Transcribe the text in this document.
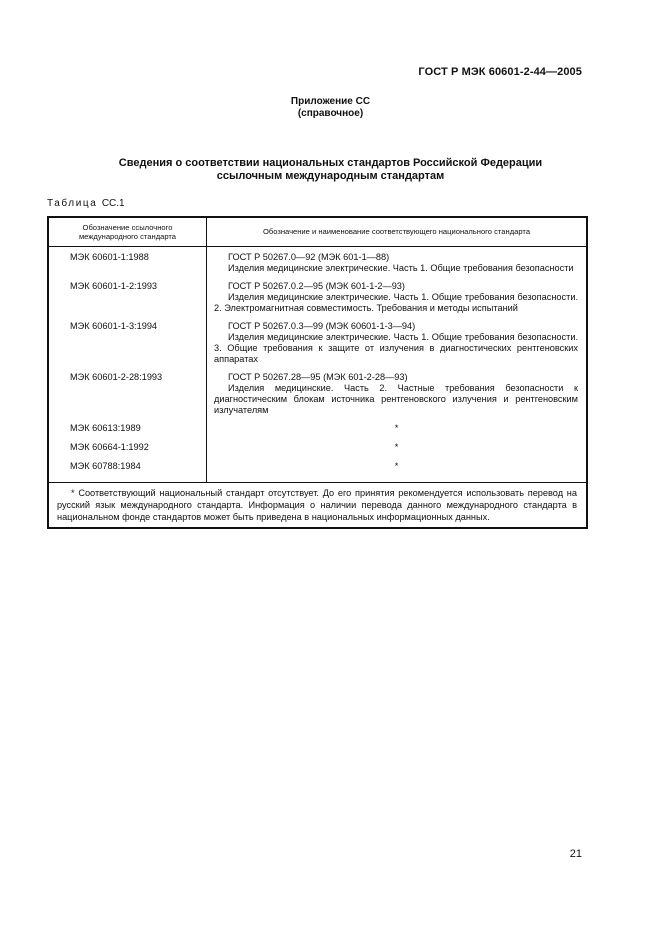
ГОСТ Р МЭК 60601-2-44—2005
Приложение СС
(справочное)
Сведения о соответствии национальных стандартов Российской Федерации
ссылочным международным стандартам
Таблица СС.1
Обозначение ссылочного международного стандарта	Обозначение и наименование соответствующего национального стандарта
МЭК 60601-1:1988	ГОСТ Р 50267.0—92 (МЭК 601-1—88)
Изделия медицинские электрические. Часть 1. Общие требования безопасности

МЭК 60601-1-2:1993	ГОСТ Р 50267.0.2—95 (МЭК 601-1-2—93)
Изделия медицинские электрические. Часть 1. Общие требования безопасности. 2. Электромагнитная совместимость. Требования и методы испытаний

МЭК 60601-1-3:1994	ГОСТ Р 50267.0.3—99 (МЭК 60601-1-3—94)
Изделия медицинские электрические. Часть 1. Общие требования безопасности. 3. Общие требования к защите от излучения в диагностических рентгеновских аппаратах

МЭК 60601-2-28:1993	ГОСТ Р 50267.28—95 (МЭК 601-2-28—93)
Изделия медицинские. Часть 2. Частные требования безопасности к диагностическим блокам источника рентгеновского излучения и рентгеновским излучателям

МЭК 60613:1989	*
МЭК 60664-1:1992	*
МЭК 60788:1984	*

* Соответствующий национальный стандарт отсутствует. До его принятия рекомендуется использовать перевод на русский язык международного стандарта. Информация о наличии перевода данного международного стандарта в национальном фонде стандартов может быть приведена в национальных информационных данных.	
21
